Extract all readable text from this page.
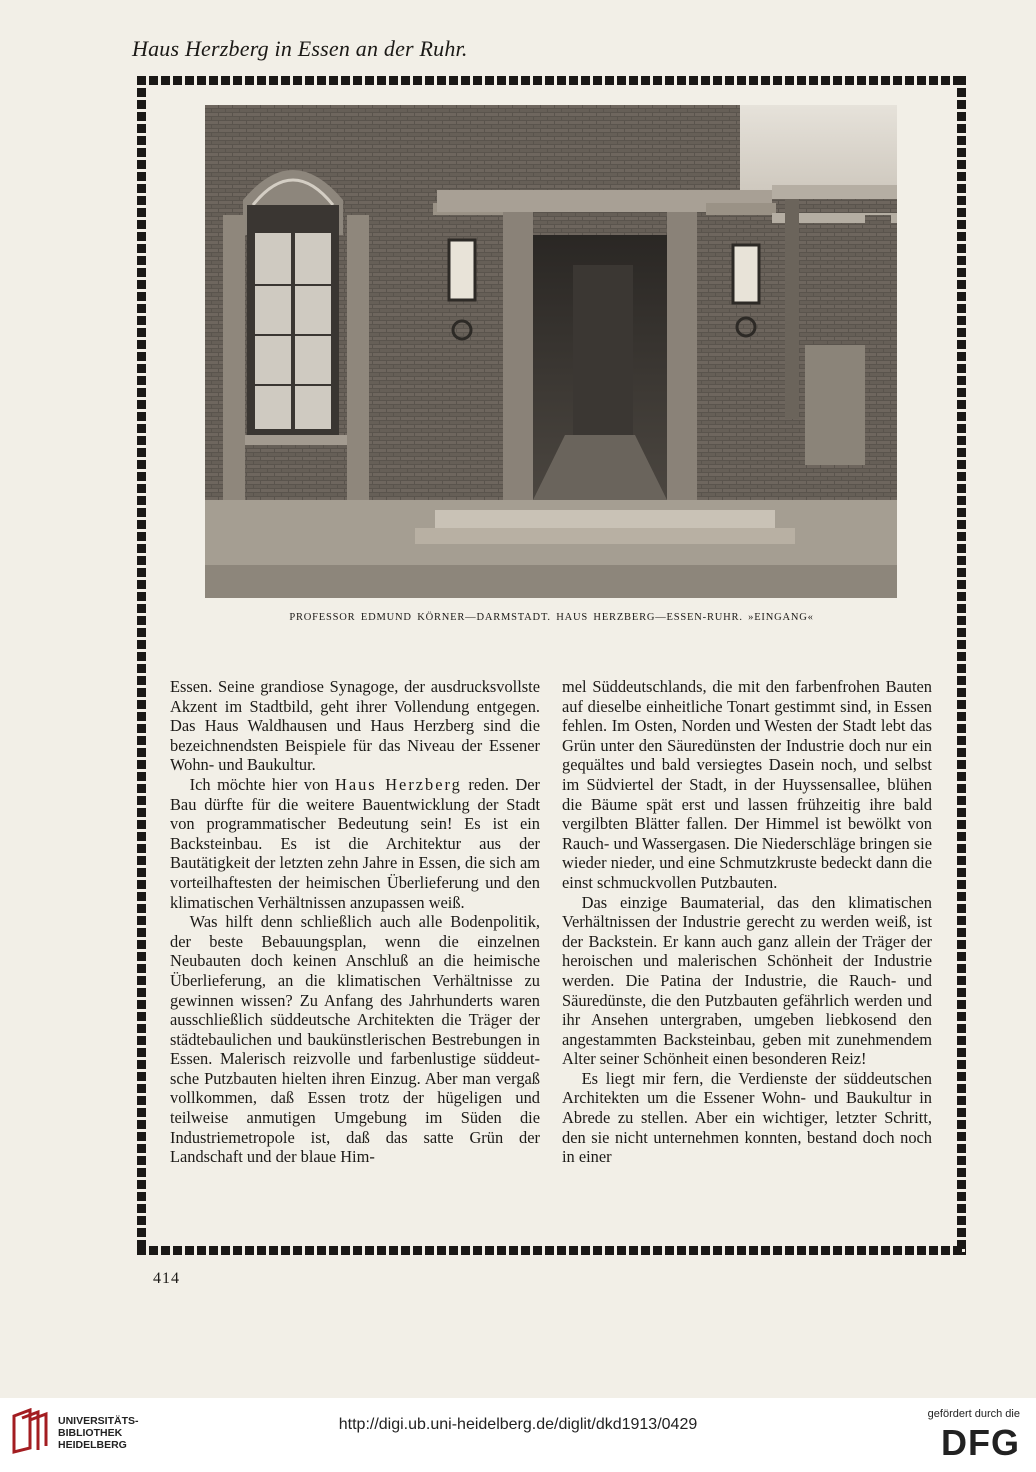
Haus Herzberg in Essen an der Ruhr.
PROFESSOR EDMUND KÖRNER—DARMSTADT. HAUS HERZBERG—ESSEN-RUHR. »EINGANG«

Essen. Seine grandiose Synagoge, der ausdrucksvollste Akzent im Stadtbild, geht ihrer Vollendung entgegen. Das Haus Waldhausen und Haus Herzberg sind die bezeichnendsten Beispiele für das Niveau der Essener Wohn- und Baukultur.

Ich möchte hier von Haus Herzberg reden. Der Bau dürfte für die weitere Bauentwicklung der Stadt von programmatischer Bedeutung sein! Es ist ein Backsteinbau. Es ist die Architektur aus der Bautätigkeit der letzten zehn Jahre in Essen, die sich am vorteilhaftesten der heimischen Überlieferung und den klimatischen Verhältnissen anzupassen weiß.

Was hilft denn schließlich auch alle Bodenpolitik, der beste Bebauungsplan, wenn die einzelnen Neubauten doch keinen Anschluß an die heimische Überlieferung, an die klimatischen Verhältnisse zu gewinnen wissen? Zu Anfang des Jahrhunderts waren ausschließlich süddeutsche Architekten die Träger der städtebaulichen und baukünstlerischen Bestrebungen in Essen. Malerisch reizvolle und farbenlustige süddeutsche Putzbauten hielten ihren Einzug. Aber man vergaß vollkommen, daß Essen trotz der hügeligen und teilweise anmutigen Umgebung im Süden die Industriemetropole ist, daß das satte Grün der Landschaft und der blaue Him-

mel Süddeutschlands, die mit den farbenfrohen Bauten auf dieselbe einheitliche Tonart gestimmt sind, in Essen fehlen. Im Osten, Norden und Westen der Stadt lebt das Grün unter den Säuredünsten der Industrie doch nur ein gequältes und bald versiegtes Dasein noch, und selbst im Südviertel der Stadt, in der Huyssensallee, blühen die Bäume spät erst und lassen frühzeitig ihre bald vergilbten Blätter fallen. Der Himmel ist bewölkt von Rauch- und Wassergasen. Die Niederschläge bringen sie wieder nieder, und eine Schmutzkruste bedeckt dann die einst schmuckvollen Putzbauten.

Das einzige Baumaterial, das den klimatischen Verhältnissen der Industrie gerecht zu werden weiß, ist der Backstein. Er kann auch ganz allein der Träger der heroischen und malerischen Schönheit der Industrie werden. Die Patina der Industrie, die Rauch- und Säuredünste, die den Putzbauten gefährlich werden und ihr Ansehen untergraben, umgeben liebkosend den angestammten Backsteinbau, geben mit zunehmendem Alter seiner Schönheit einen besonderen Reiz!

Es liegt mir fern, die Verdienste der süddeutschen Architekten um die Essener Wohn- und Baukultur in Abrede zu stellen. Aber ein wichtiger, letzter Schritt, den sie nicht unternehmen konnten, bestand doch noch in einer

414
UNIVERSITÄTS-
BIBLIOTHEK
HEIDELBERG
http://digi.ub.uni-heidelberg.de/diglit/dkd1913/0429
gefördert durch die
DFG
